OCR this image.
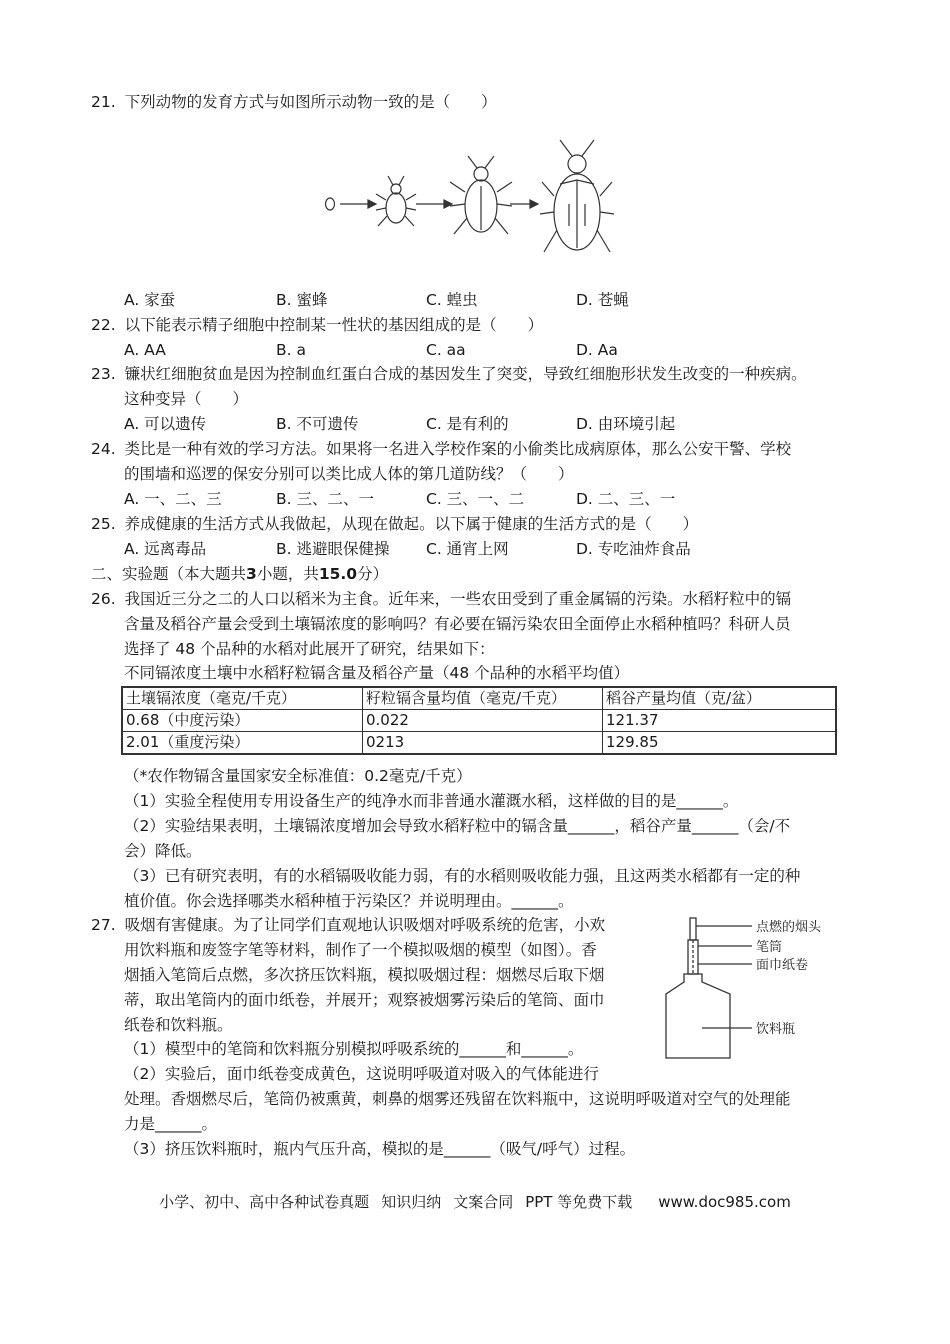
21. 下列动物的发育方式与如图所示动物一致的是（　　）
A. 家蚕	B. 蜜蜂	C. 蝗虫	D. 苍蝇
22. 以下能表示精子细胞中控制某一性状的基因组成的是（　　）
A. AA	B. a	C. aa	D. Aa
23. 镰状红细胞贫血是因为控制血红蛋白合成的基因发生了突变，导致红细胞形状发生改变的一种疾病。
这种变异（　　）
A. 可以遗传	B. 不可遗传	C. 是有利的	D. 由环境引起
24. 类比是一种有效的学习方法。如果将一名进入学校作案的小偷类比成病原体，那么公安干警、学校
的围墙和巡逻的保安分别可以类比成人体的第几道防线？（　　）
A. 一、二、三	B. 三、二、一	C. 三、一、二	D. 二、三、一
25. 养成健康的生活方式从我做起，从现在做起。以下属于健康的生活方式的是（　　）
A. 远离毒品	B. 逃避眼保健操 C. 通宵上网	D. 专吃油炸食品
二、实验题（本大题共3小题，共15.0分）
26. 我国近三分之二的人口以稻米为主食。近年来，一些农田受到了重金属镉的污染。水稻籽粒中的镉
含量及稻谷产量会受到土壤镉浓度的影响吗？有必要在镉污染农田全面停止水稻种植吗？科研人员
选择了 48 个品种的水稻对此展开了研究，结果如下：
不同镉浓度土壤中水稻籽粒镉含量及稻谷产量（48 个品种的水稻平均值）
土壤镉浓度（毫克/千克）	籽粒镉含量均值（毫克/千克）	稻谷产量均值（克/盆）
0.68（中度污染）	0.022	121.37
2.01（重度污染）	0213	129.85
（*农作物镉含量国家安全标准值：0.2毫克/千克）
（1）实验全程使用专用设备生产的纯净水而非普通水灌溉水稻，这样做的目的是______。
（2）实验结果表明，土壤镉浓度增加会导致水稻籽粒中的镉含量______，稻谷产量______（会/不
会）降低。
（3）已有研究表明，有的水稻镉吸收能力弱，有的水稻则吸收能力强，且这两类水稻都有一定的种
植价值。你会选择哪类水稻种植于污染区？并说明理由。______。
27. 吸烟有害健康。为了让同学们直观地认识吸烟对呼吸系统的危害，小欢
用饮料瓶和废签字笔等材料，制作了一个模拟吸烟的模型（如图）。香
烟插入笔筒后点燃，多次挤压饮料瓶，模拟吸烟过程：烟燃尽后取下烟
蒂，取出笔筒内的面巾纸卷，并展开；观察被烟雾污染后的笔筒、面巾
纸卷和饮料瓶。
（1）模型中的笔筒和饮料瓶分别模拟呼吸系统的______和______。
（2）实验后，面巾纸卷变成黄色，这说明呼吸道对吸入的气体能进行
处理。香烟燃尽后，笔筒仍被熏黄，刺鼻的烟雾还残留在饮料瓶中，这说明呼吸道对空气的处理能
力是______。
（3）挤压饮料瓶时，瓶内气压升高，模拟的是______（吸气/呼气）过程。
点燃的烟头
笔筒
面巾纸卷
饮料瓶
小学、初中、高中各种试卷真题 知识归纳 文案合同 PPT 等免费下载 www.doc985.com
